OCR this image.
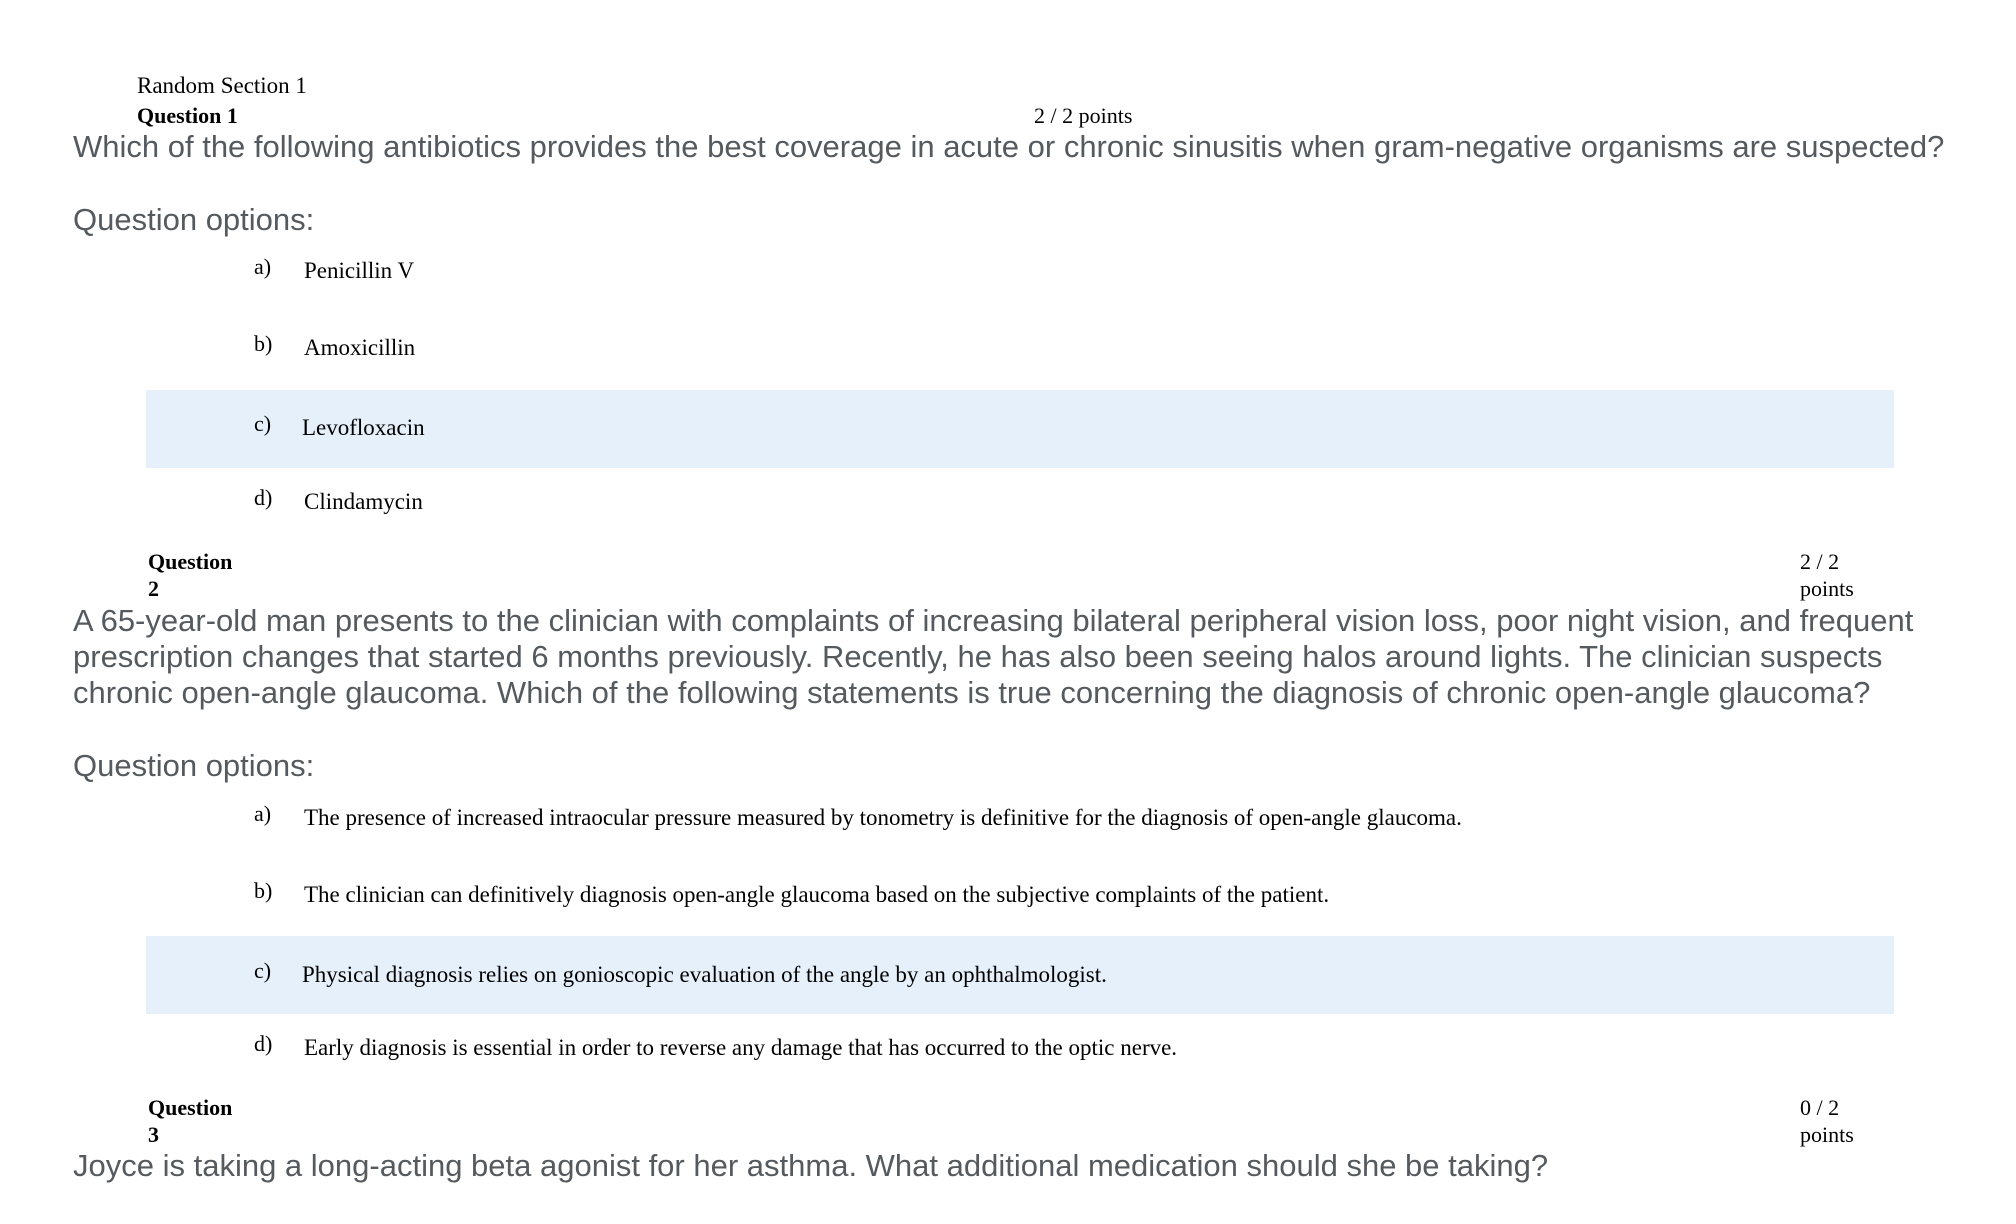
Random Section 1
Question 1	2 / 2 points
Which of the following antibiotics provides the best coverage in acute or chronic sinusitis when gram-negative organisms are suspected?
Question options:
a) Penicillin V
b) Amoxicillin
c) Levofloxacin
d) Clindamycin
Question
2
2 / 2
points
A 65-year-old man presents to the clinician with complaints of increasing bilateral peripheral vision loss, poor night vision, and frequent prescription changes that started 6 months previously. Recently, he has also been seeing halos around lights. The clinician suspects chronic open-angle glaucoma. Which of the following statements is true concerning the diagnosis of chronic open-angle glaucoma?
Question options:
a) The presence of increased intraocular pressure measured by tonometry is definitive for the diagnosis of open-angle glaucoma.
b) The clinician can definitively diagnosis open-angle glaucoma based on the subjective complaints of the patient.
c) Physical diagnosis relies on gonioscopic evaluation of the angle by an ophthalmologist.
d) Early diagnosis is essential in order to reverse any damage that has occurred to the optic nerve.
Question
3
0 / 2
points
Joyce is taking a long-acting beta agonist for her asthma. What additional medication should she be taking?
